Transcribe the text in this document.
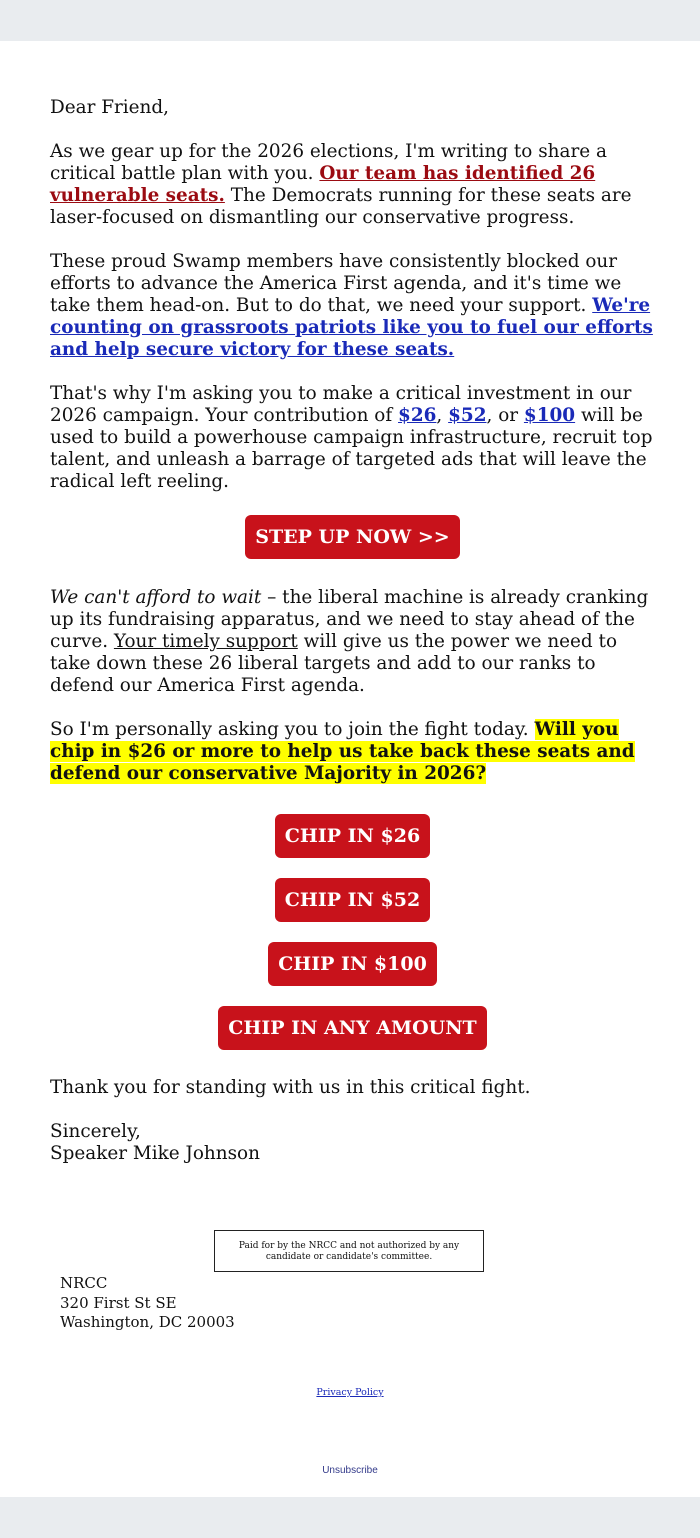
Dear Friend,

As we gear up for the 2026 elections, I'm writing to share a critical battle plan with you. Our team has identified 26 vulnerable seats. The Democrats running for these seats are laser-focused on dismantling our conservative progress.

These proud Swamp members have consistently blocked our efforts to advance the America First agenda, and it's time we take them head-on. But to do that, we need your support. We're counting on grassroots patriots like you to fuel our efforts and help secure victory for these seats.

That's why I'm asking you to make a critical investment in our 2026 campaign. Your contribution of $26, $52, or $100 will be used to build a powerhouse campaign infrastructure, recruit top talent, and unleash a barrage of targeted ads that will leave the radical left reeling.

STEP UP NOW >>

We can't afford to wait – the liberal machine is already cranking up its fundraising apparatus, and we need to stay ahead of the curve. Your timely support will give us the power we need to take down these 26 liberal targets and add to our ranks to defend our America First agenda.

So I'm personally asking you to join the fight today. Will you chip in $26 or more to help us take back these seats and defend our conservative Majority in 2026?

CHIP IN $26
CHIP IN $52
CHIP IN $100
CHIP IN ANY AMOUNT

Thank you for standing with us in this critical fight.

Sincerely,
Speaker Mike Johnson
Paid for by the NRCC and not authorized by any candidate or candidate's committee.
NRCC
320 First St SE
Washington, DC 20003
Privacy Policy
Unsubscribe
